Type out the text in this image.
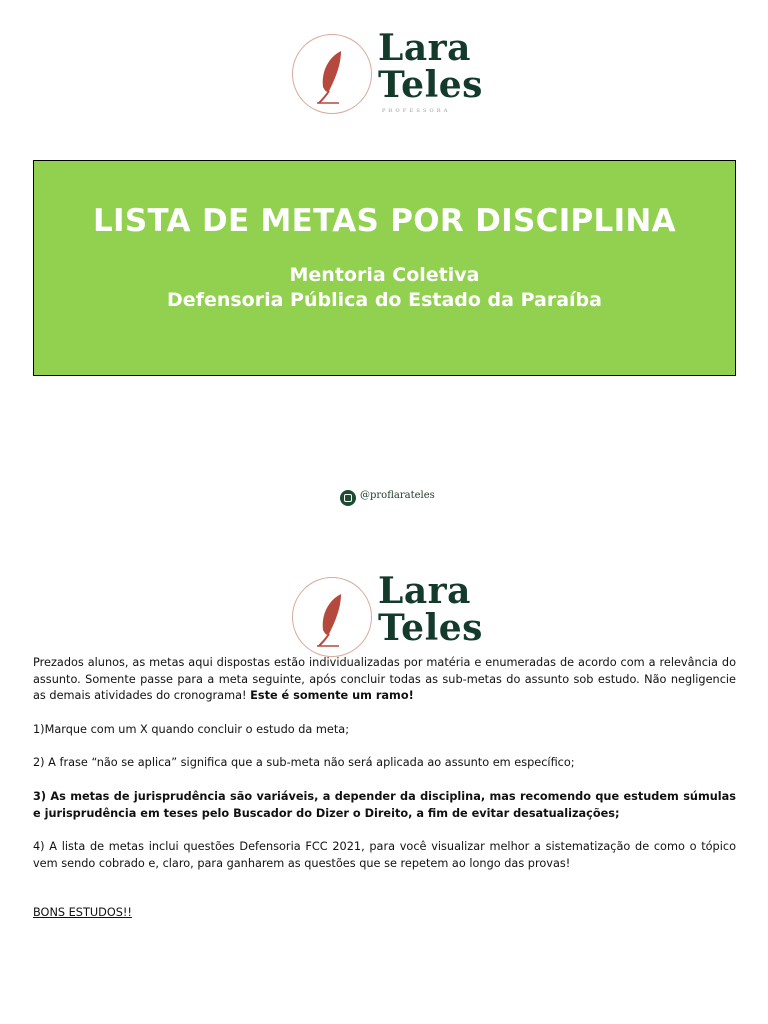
Lara
Teles
PROFESSORA
LISTA DE METAS POR DISCIPLINA
Mentoria Coletiva
Defensoria Pública do Estado da Paraíba
@proflarateles
Lara
Teles

Prezados alunos, as metas aqui dispostas estão individualizadas por matéria e enumeradas de acordo com a relevância do assunto. Somente passe para a meta seguinte, após concluir todas as sub-metas do assunto sob estudo. Não negligencie as demais atividades do cronograma! Este é somente um ramo!

1)Marque com um X quando concluir o estudo da meta;

2) A frase “não se aplica” significa que a sub-meta não será aplicada ao assunto em específico;

3) As metas de jurisprudência são variáveis, a depender da disciplina, mas recomendo que estudem súmulas e jurisprudência em teses pelo Buscador do Dizer o Direito, a fim de evitar desatualizações;

4) A lista de metas inclui questões Defensoria FCC 2021, para você visualizar melhor a sistematização de como o tópico vem sendo cobrado e, claro, para ganharem as questões que se repetem ao longo das provas!

BONS ESTUDOS!!
